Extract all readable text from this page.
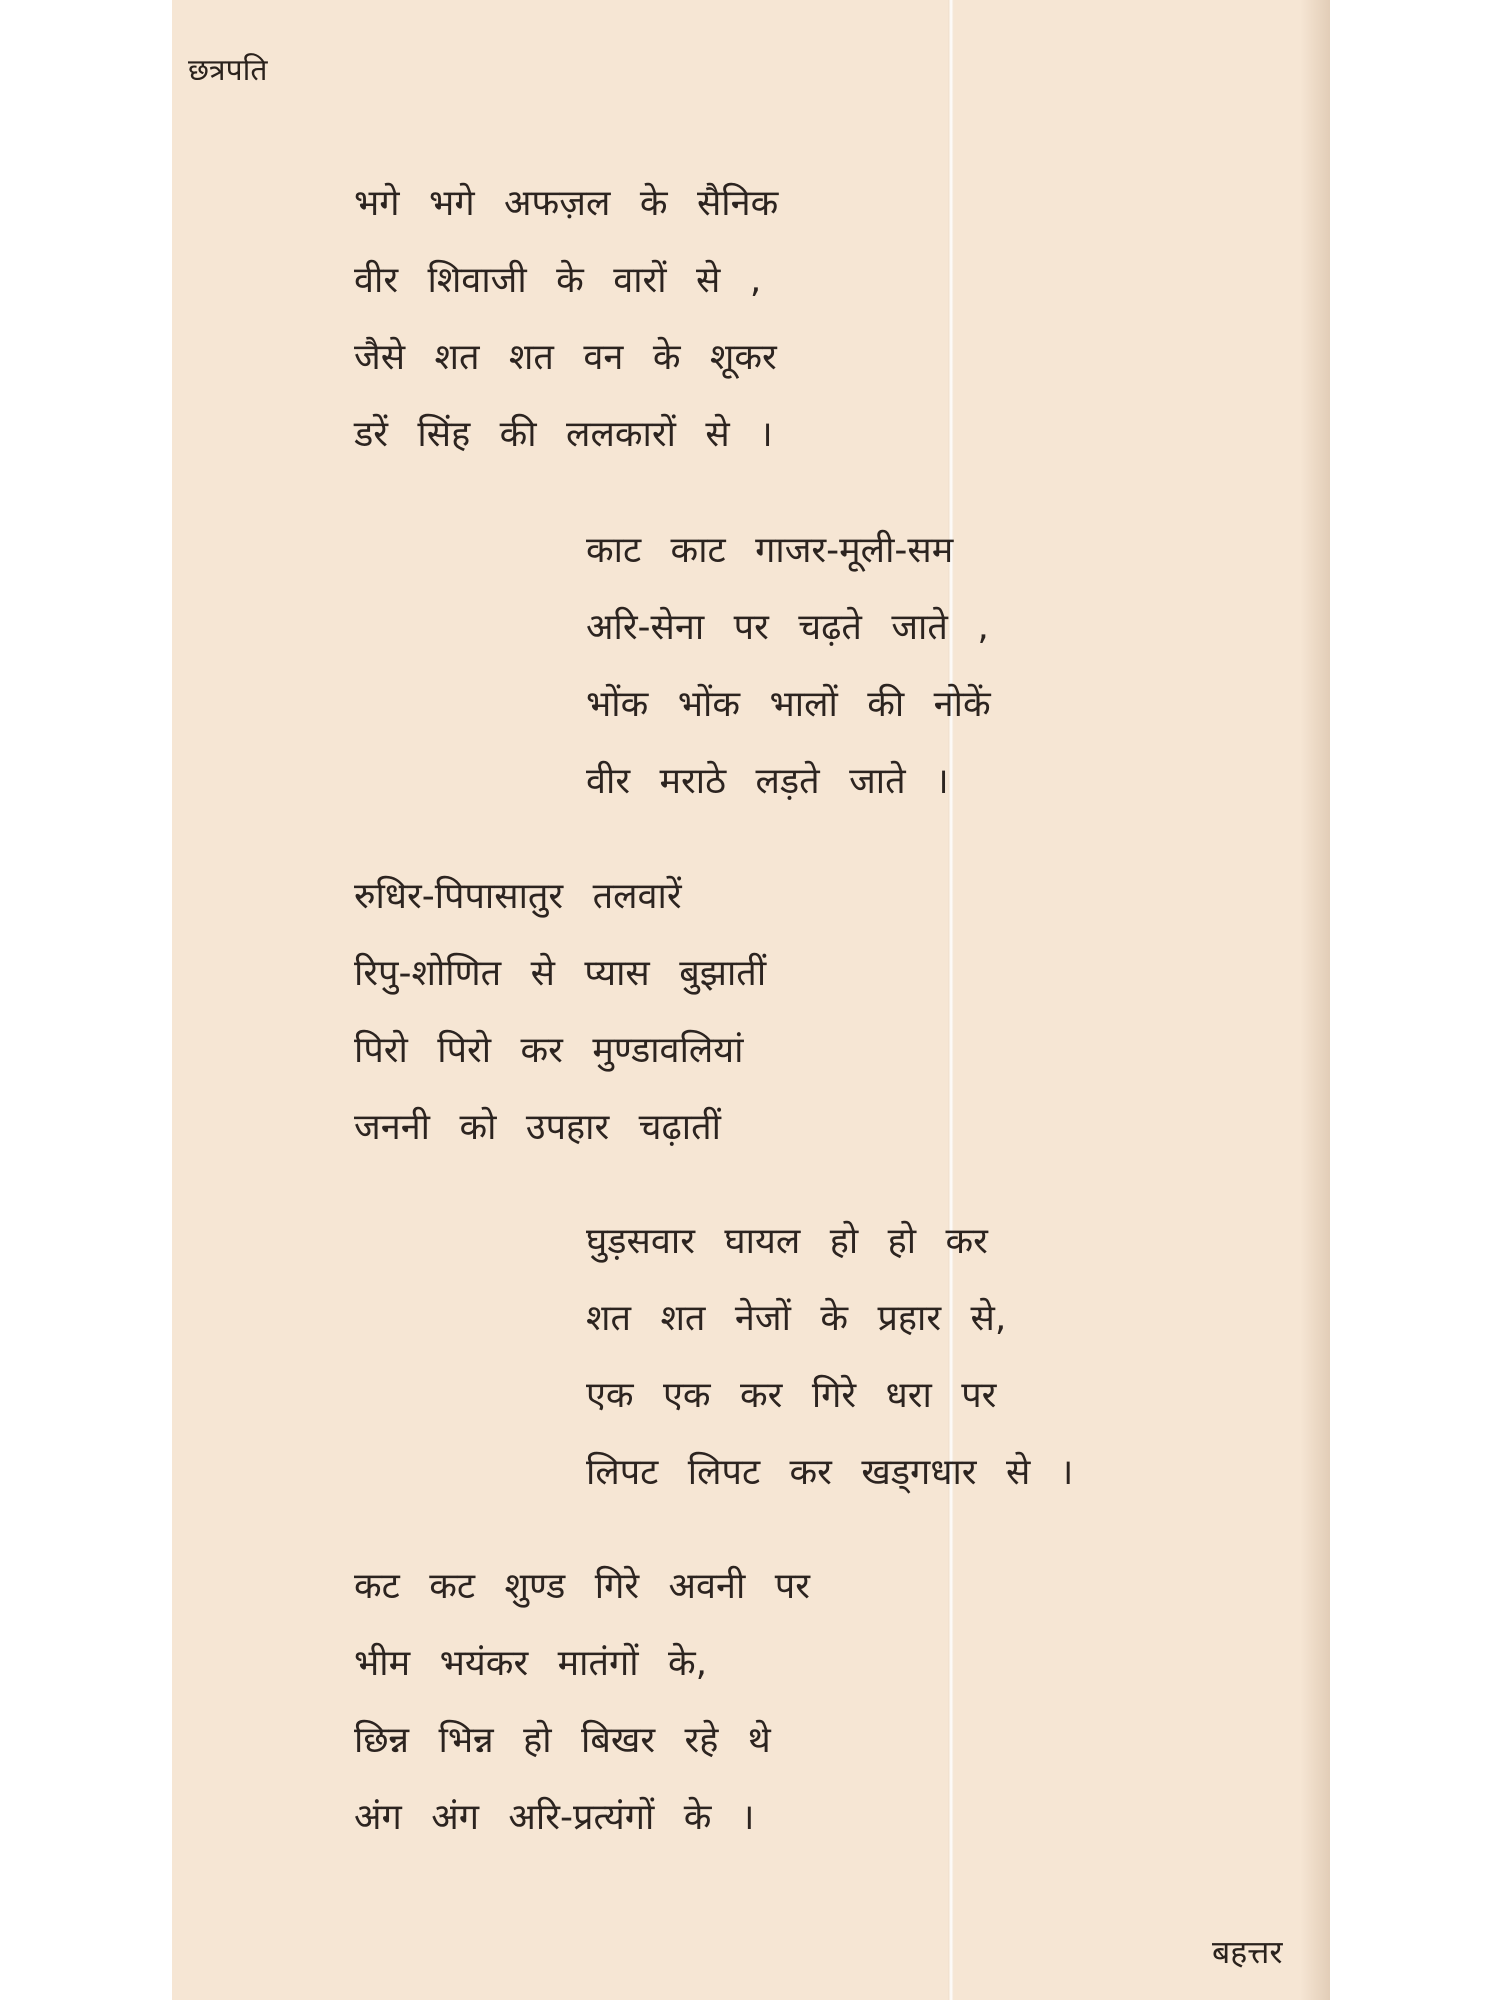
छत्रपति
भगे भगे अफज़ल के सैनिक
वीर शिवाजी के वारों से ,
जैसे शत शत वन के शूकर
डरें सिंह की ललकारों से ।
काट काट गाजर-मूली-सम
अरि-सेना पर चढ़ते जाते ,
भोंक भोंक भालों की नोकें
वीर मराठे लड़ते जाते ।
रुधिर-पिपासातुर तलवारें
रिपु-शोणित से प्यास बुझातीं
पिरो पिरो कर मुण्डावलियां
जननी को उपहार चढ़ातीं
घुड़सवार घायल हो हो कर
शत शत नेजों के प्रहार से,
एक एक कर गिरे धरा पर
लिपट लिपट कर खड्गधार से ।
कट कट शुण्ड गिरे अवनी पर
भीम भयंकर मातंगों के,
छिन्न भिन्न हो बिखर रहे थे
अंग अंग अरि-प्रत्यंगों के ।
बहत्तर
